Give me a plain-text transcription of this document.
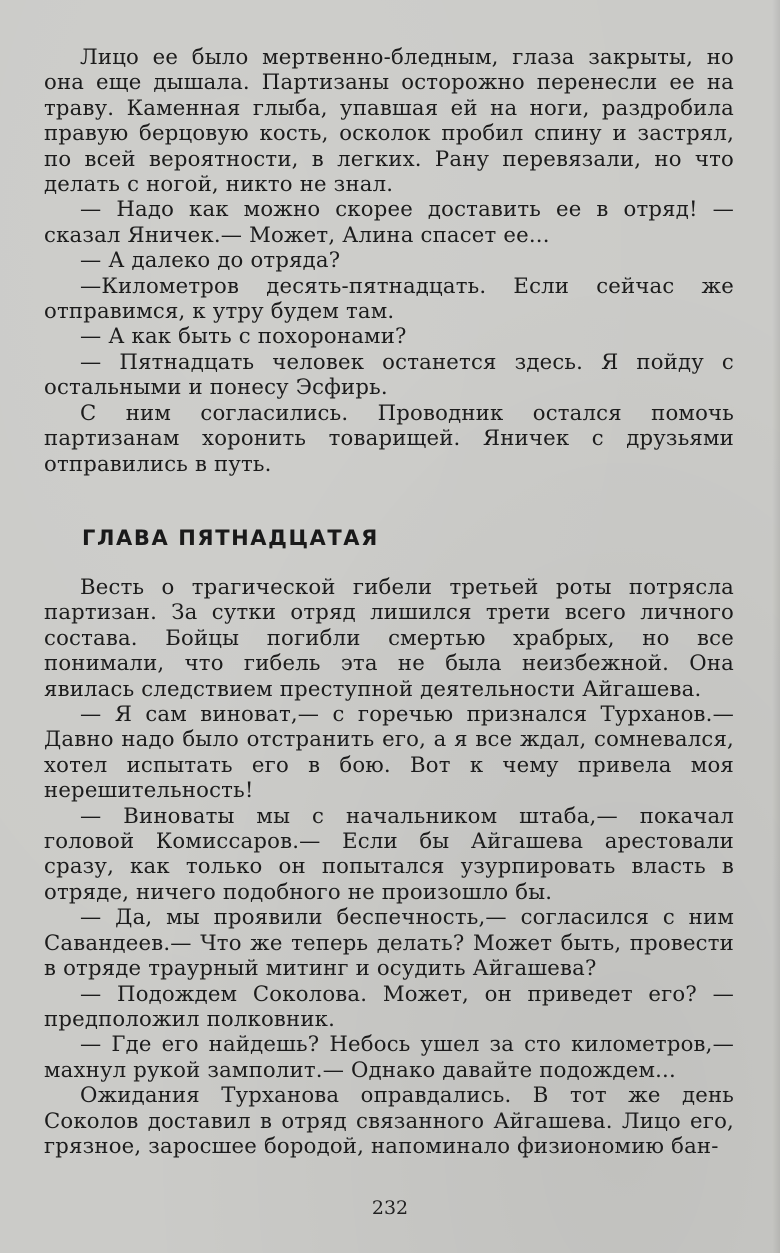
Лицо ее было мертвенно-бледным, глаза закрыты, но она еще дышала. Партизаны осторожно перенесли ее на траву. Каменная глыба, упавшая ей на ноги, раздробила правую берцовую кость, осколок пробил спину и застрял, по всей вероятности, в легких. Рану перевязали, но что делать с ногой, никто не знал.

— Надо как можно скорее доставить ее в отряд! — сказал Яничек.— Может, Алина спасет ее...

— А далеко до отряда?

—Километров десять-пятнадцать. Если сейчас же отправимся, к утру будем там.

— А как быть с похоронами?

— Пятнадцать человек останется здесь. Я пойду с остальными и понесу Эсфирь.

С ним согласились. Проводник остался помочь партизанам хоронить товарищей. Яничек с друзьями отправились в путь.

ГЛАВА ПЯТНАДЦАТАЯ

Весть о трагической гибели третьей роты потрясла партизан. За сутки отряд лишился трети всего личного состава. Бойцы погибли смертью храбрых, но все понимали, что гибель эта не была неизбежной. Она явилась следствием преступной деятельности Айгашева.

— Я сам виноват,— с горечью признался Турханов.— Давно надо было отстранить его, а я все ждал, сомневался, хотел испытать его в бою. Вот к чему привела моя нерешительность!

— Виноваты мы с начальником штаба,— покачал головой Комиссаров.— Если бы Айгашева арестовали сразу, как только он попытался узурпировать власть в отряде, ничего подобного не произошло бы.

— Да, мы проявили беспечность,— согласился с ним Савандеев.— Что же теперь делать? Может быть, провести в отряде траурный митинг и осудить Айгашева?

— Подождем Соколова. Может, он приведет его? — предположил полковник.

— Где его найдешь? Небось ушел за сто километров,— махнул рукой замполит.— Однако давайте подождем...

Ожидания Турханова оправдались. В тот же день Соколов доставил в отряд связанного Айгашева. Лицо его, грязное, заросшее бородой, напоминало физиономию бан-

232
